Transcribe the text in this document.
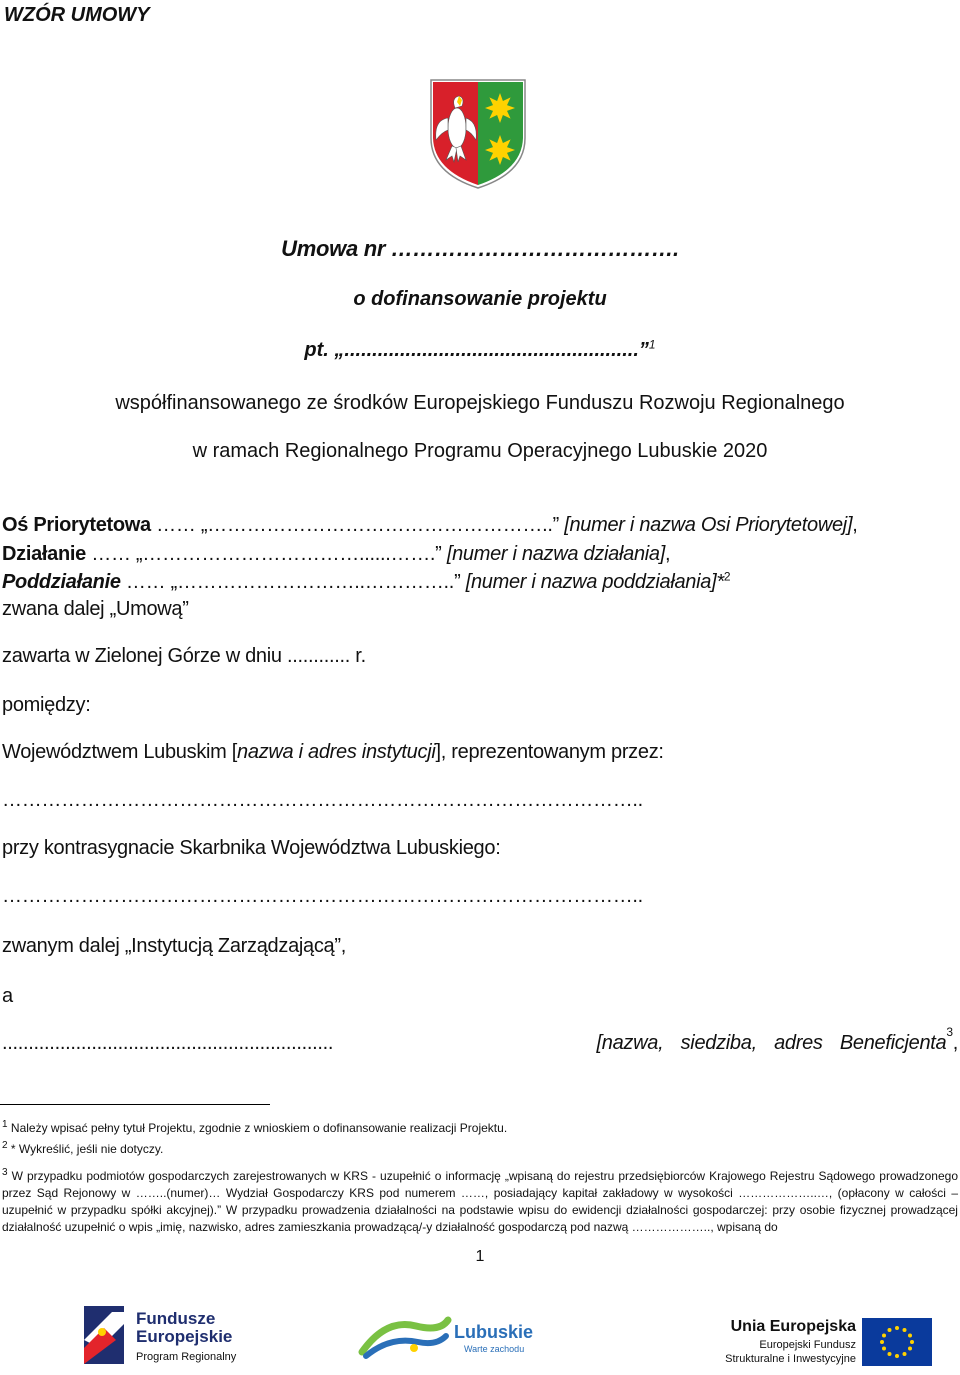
WZÓR UMOWY
Umowa nr ………………………………….
o dofinansowanie projektu
pt. „.....................................................”$^1$
współfinansowanego ze środków Europejskiego Funduszu Rozwoju Regionalnego
w ramach Regionalnego Programu Operacyjnego Lubuskie 2020
Oś Priorytetowa …… „……………………………………………..” [numer i nazwa Osi Priorytetowej],
Działanie …… „……………………………......…….” [numer i nazwa działania],
Poddziałanie …… „………………………..…………..” [numer i nazwa poddziałania]*$^2$
zwana dalej „Umową”
zawarta w Zielonej Górze w dniu ............ r.
pomiędzy:
Województwem Lubuskim [nazwa i adres instytucji], reprezentowanym przez:
……………………………………………………………………………………..
przy kontrasygnacie Skarbnika Województwa Lubuskiego:
……………………………………………………………………………………..
zwanym dalej „Instytucją Zarządzającą”,
a
...............................................................	[nazwa, siedziba, adres Beneficjenta 3 ,
$^1$ Należy wpisać pełny tytuł Projektu, zgodnie z wnioskiem o dofinansowanie realizacji Projektu.
$^2$ * Wykreślić, jeśli nie dotyczy.
$^3$ W przypadku podmiotów gospodarczych zarejestrowanych w KRS - uzupełnić o informację „wpisaną do rejestru przedsiębiorców Krajowego Rejestru Sądowego prowadzonego przez Sąd Rejonowy w ……..(numer)… Wydział Gospodarczy KRS pod numerem ……, posiadający kapitał zakładowy w wysokości ………………..…, (opłacony w całości – uzupełnić w przypadku spółki akcyjnej).” W przypadku prowadzenia działalności na podstawie wpisu do ewidencji działalności gospodarczej: przy osobie fizycznej prowadzącej działalność uzupełnić o wpis „imię, nazwisko, adres zamieszkania prowadzącą/-y działalność gospodarczą pod nazwą ……………….., wpisaną do
1
Fundusze
Europejskie
Program Regionalny
Lubuskie
Warte zachodu
Unia Europejska
Europejski Fundusz
Strukturalne i Inwestycyjne
